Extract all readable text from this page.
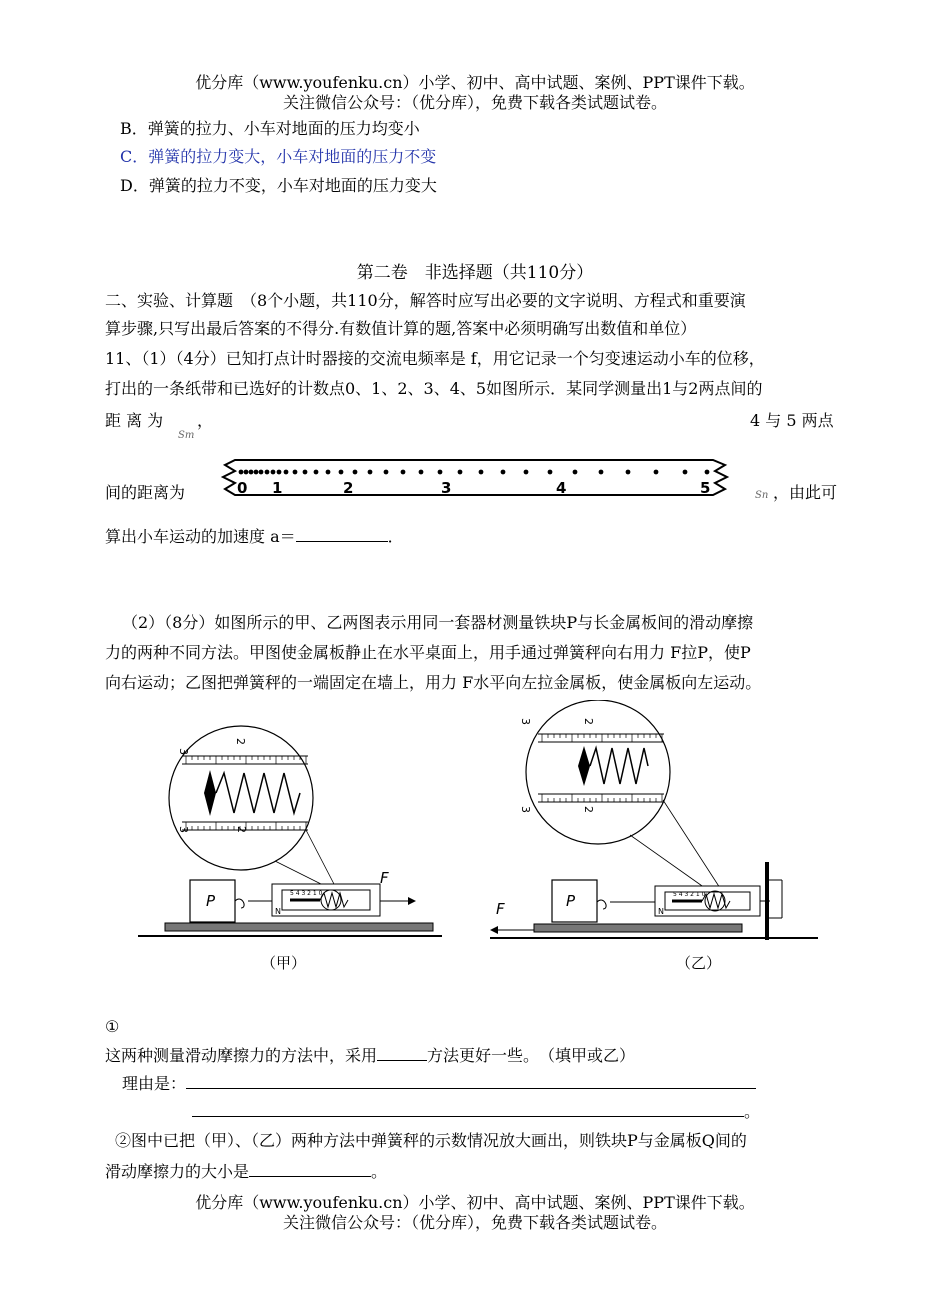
优分库（www.youfenku.cn）小学、初中、高中试题、案例、PPT课件下载。
关注微信公众号：（优分库），免费下载各类试题试卷。
B．弹簧的拉力、小车对地面的压力均变小
C．弹簧的拉力变大，小车对地面的压力不变
D．弹簧的拉力不变，小车对地面的压力变大
第二卷　非选择题（共110分）
二、实验、计算题　（8个小题，共110分，解答时应写出必要的文字说明、方程式和重要演
算步骤,只写出最后答案的不得分.有数值计算的题,答案中必须明确写出数值和单位）
11、（1）（4分）已知打点计时器接的交流电频率是 f，用它记录一个匀变速运动小车的位移，
打出的一条纸带和已选好的计数点0、1、2、3、4、5如图所示．某同学测量出1与2两点间的
距 离 为
Sm
，	4 与 5 两点
0 1	2	3	4	5
间的距离为	Sn ，由此可
算出小车运动的加速度 a＝	．
（2）（8分）如图所示的甲、乙两图表示用同一套器材测量铁块P与长金属板间的滑动摩擦
力的两种不同方法。甲图使金属板静止在水平桌面上，用手通过弹簧秤向右用力 F拉P，使P
向右运动；乙图把弹簧秤的一端固定在墙上，用力 F水平向左拉金属板，使金属板向左运动。
3
2
3	2
P	5 4 3 2 1 0
N
F
（甲）
3	2
3	2
P	5 4 3 2 1 0
N
F
（乙）
①
这两种测量滑动摩擦力的方法中，采用	方法更好一些。　（填甲或乙）
理由是：
。
②图中已把（甲）、（乙）两种方法中弹簧秤的示数情况放大画出，则铁块P与金属板Q间的
滑动摩擦力的大小是	。
优分库（www.youfenku.cn）小学、初中、高中试题、案例、PPT课件下载。
关注微信公众号：（优分库），免费下载各类试题试卷。
